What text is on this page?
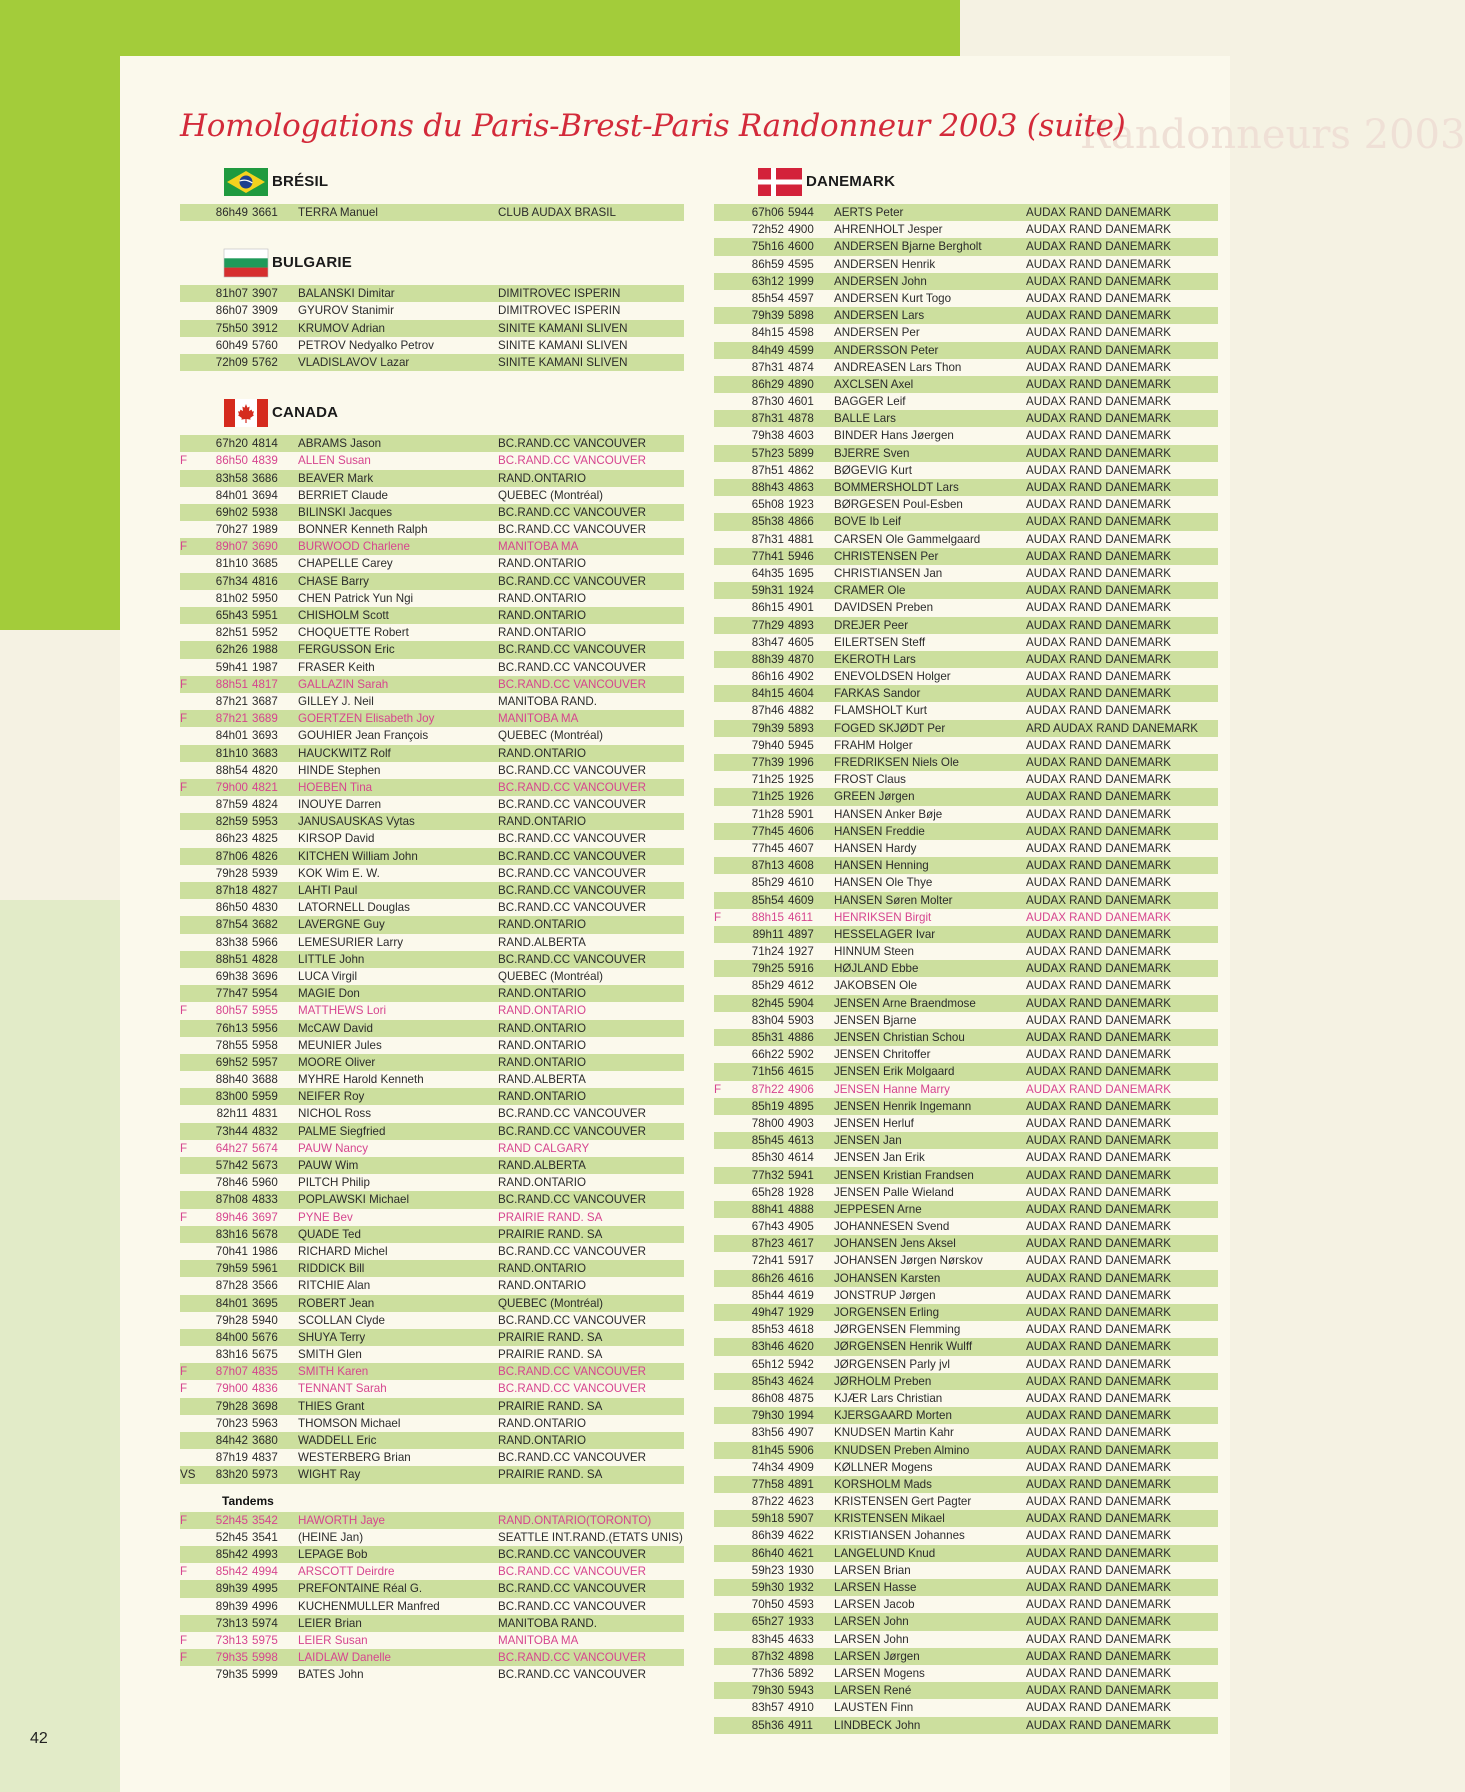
Randonneurs 2003
Homologations du Paris-Brest-Paris Randonneur 2003 (suite)
42
BRÉSIL
86h49 3661 TERRA Manuel	CLUB AUDAX BRASIL
BULGARIE
81h07 3907 BALANSKI Dimitar	DIMITROVEC ISPERIN
86h07 3909 GYUROV Stanimir	DIMITROVEC ISPERIN
75h50 3912 KRUMOV Adrian	SINITE KAMANI SLIVEN
60h49 5760 PETROV Nedyalko Petrov	SINITE KAMANI SLIVEN
72h09 5762 VLADISLAVOV Lazar	SINITE KAMANI SLIVEN
CANADA
67h20 4814 ABRAMS Jason	BC.RAND.CC VANCOUVER
F	86h50 4839 ALLEN Susan	BC.RAND.CC VANCOUVER
83h58 3686 BEAVER Mark	RAND.ONTARIO
84h01 3694 BERRIET Claude	QUEBEC (Montréal)
69h02 5938 BILINSKI Jacques	BC.RAND.CC VANCOUVER
70h27 1989 BONNER Kenneth Ralph	BC.RAND.CC VANCOUVER
F	89h07 3690 BURWOOD Charlene	MANITOBA MA
81h10 3685 CHAPELLE Carey	RAND.ONTARIO
67h34 4816 CHASE Barry	BC.RAND.CC VANCOUVER
81h02 5950 CHEN Patrick Yun Ngi	RAND.ONTARIO
65h43 5951 CHISHOLM Scott	RAND.ONTARIO
82h51 5952 CHOQUETTE Robert	RAND.ONTARIO
62h26 1988 FERGUSSON Eric	BC.RAND.CC VANCOUVER
59h41 1987 FRASER Keith	BC.RAND.CC VANCOUVER
F	88h51 4817 GALLAZIN Sarah	BC.RAND.CC VANCOUVER
87h21 3687 GILLEY J. Neil	MANITOBA RAND.
F	87h21 3689 GOERTZEN Elisabeth Joy	MANITOBA MA
84h01 3693 GOUHIER Jean François	QUEBEC (Montréal)
81h10 3683 HAUCKWITZ Rolf	RAND.ONTARIO
88h54 4820 HINDE Stephen	BC.RAND.CC VANCOUVER
F	79h00 4821 HOEBEN Tina	BC.RAND.CC VANCOUVER
87h59 4824 INOUYE Darren	BC.RAND.CC VANCOUVER
82h59 5953 JANUSAUSKAS Vytas	RAND.ONTARIO
86h23 4825 KIRSOP David	BC.RAND.CC VANCOUVER
87h06 4826 KITCHEN William John	BC.RAND.CC VANCOUVER
79h28 5939 KOK Wim E. W.	BC.RAND.CC VANCOUVER
87h18 4827 LAHTI Paul	BC.RAND.CC VANCOUVER
86h50 4830 LATORNELL Douglas	BC.RAND.CC VANCOUVER
87h54 3682 LAVERGNE Guy	RAND.ONTARIO
83h38 5966 LEMESURIER Larry	RAND.ALBERTA
88h51 4828 LITTLE John	BC.RAND.CC VANCOUVER
69h38 3696 LUCA Virgil	QUEBEC (Montréal)
77h47 5954 MAGIE Don	RAND.ONTARIO
F	80h57 5955 MATTHEWS Lori	RAND.ONTARIO
76h13 5956 McCAW David	RAND.ONTARIO
78h55 5958 MEUNIER Jules	RAND.ONTARIO
69h52 5957 MOORE Oliver	RAND.ONTARIO
88h40 3688 MYHRE Harold Kenneth	RAND.ALBERTA
83h00 5959 NEIFER Roy	RAND.ONTARIO
82h11 4831 NICHOL Ross	BC.RAND.CC VANCOUVER
73h44 4832 PALME Siegfried	BC.RAND.CC VANCOUVER
F	64h27 5674 PAUW Nancy	RAND CALGARY
57h42 5673 PAUW Wim	RAND.ALBERTA
78h46 5960 PILTCH Philip	RAND.ONTARIO
87h08 4833 POPLAWSKI Michael	BC.RAND.CC VANCOUVER
F	89h46 3697 PYNE Bev	PRAIRIE RAND. SA
83h16 5678 QUADE Ted	PRAIRIE RAND. SA
70h41 1986 RICHARD Michel	BC.RAND.CC VANCOUVER
79h59 5961 RIDDICK Bill	RAND.ONTARIO
87h28 3566 RITCHIE Alan	RAND.ONTARIO
84h01 3695 ROBERT Jean	QUEBEC (Montréal)
79h28 5940 SCOLLAN Clyde	BC.RAND.CC VANCOUVER
84h00 5676 SHUYA Terry	PRAIRIE RAND. SA
83h16 5675 SMITH Glen	PRAIRIE RAND. SA
F	87h07 4835 SMITH Karen	BC.RAND.CC VANCOUVER
F	79h00 4836 TENNANT Sarah	BC.RAND.CC VANCOUVER
79h28 3698 THIES Grant	PRAIRIE RAND. SA
70h23 5963 THOMSON Michael	RAND.ONTARIO
84h42 3680 WADDELL Eric	RAND.ONTARIO
87h19 4837 WESTERBERG Brian	BC.RAND.CC VANCOUVER
VS	83h20 5973 WIGHT Ray	PRAIRIE RAND. SA
Tandems
F	52h45 3542 HAWORTH Jaye	RAND.ONTARIO(TORONTO)
52h45 3541 (HEINE Jan)	SEATTLE INT.RAND.(ETATS UNIS)
85h42 4993 LEPAGE Bob	BC.RAND.CC VANCOUVER
F	85h42 4994 ARSCOTT Deirdre	BC.RAND.CC VANCOUVER
89h39 4995 PREFONTAINE Réal G.	BC.RAND.CC VANCOUVER
89h39 4996 KUCHENMULLER Manfred	BC.RAND.CC VANCOUVER
73h13 5974 LEIER Brian	MANITOBA RAND.
F	73h13 5975 LEIER Susan	MANITOBA MA
F	79h35 5998 LAIDLAW Danelle	BC.RAND.CC VANCOUVER
79h35 5999 BATES John	BC.RAND.CC VANCOUVER
DANEMARK
67h06 5944 AERTS Peter	AUDAX RAND DANEMARK
72h52 4900 AHRENHOLT Jesper	AUDAX RAND DANEMARK
75h16 4600 ANDERSEN Bjarne Bergholt	AUDAX RAND DANEMARK
86h59 4595 ANDERSEN Henrik	AUDAX RAND DANEMARK
63h12 1999 ANDERSEN John	AUDAX RAND DANEMARK
85h54 4597 ANDERSEN Kurt Togo	AUDAX RAND DANEMARK
79h39 5898 ANDERSEN Lars	AUDAX RAND DANEMARK
84h15 4598 ANDERSEN Per	AUDAX RAND DANEMARK
84h49 4599 ANDERSSON Peter	AUDAX RAND DANEMARK
87h31 4874 ANDREASEN Lars Thon	AUDAX RAND DANEMARK
86h29 4890 AXCLSEN Axel	AUDAX RAND DANEMARK
87h30 4601 BAGGER Leif	AUDAX RAND DANEMARK
87h31 4878 BALLE Lars	AUDAX RAND DANEMARK
79h38 4603 BINDER Hans Jøergen	AUDAX RAND DANEMARK
57h23 5899 BJERRE Sven	AUDAX RAND DANEMARK
87h51 4862 BØGEVIG Kurt	AUDAX RAND DANEMARK
88h43 4863 BOMMERSHOLDT Lars	AUDAX RAND DANEMARK
65h08 1923 BØRGESEN Poul-Esben	AUDAX RAND DANEMARK
85h38 4866 BOVE Ib Leif	AUDAX RAND DANEMARK
87h31 4881 CARSEN Ole Gammelgaard	AUDAX RAND DANEMARK
77h41 5946 CHRISTENSEN Per	AUDAX RAND DANEMARK
64h35 1695 CHRISTIANSEN Jan	AUDAX RAND DANEMARK
59h31 1924 CRAMER Ole	AUDAX RAND DANEMARK
86h15 4901 DAVIDSEN Preben	AUDAX RAND DANEMARK
77h29 4893 DREJER Peer	AUDAX RAND DANEMARK
83h47 4605 EILERTSEN Steff	AUDAX RAND DANEMARK
88h39 4870 EKEROTH Lars	AUDAX RAND DANEMARK
86h16 4902 ENEVOLDSEN Holger	AUDAX RAND DANEMARK
84h15 4604 FARKAS Sandor	AUDAX RAND DANEMARK
87h46 4882 FLAMSHOLT Kurt	AUDAX RAND DANEMARK
79h39 5893 FOGED SKJØDT Per	ARD AUDAX RAND DANEMARK
79h40 5945 FRAHM Holger	AUDAX RAND DANEMARK
77h39 1996 FREDRIKSEN Niels Ole	AUDAX RAND DANEMARK
71h25 1925 FROST Claus	AUDAX RAND DANEMARK
71h25 1926 GREEN Jørgen	AUDAX RAND DANEMARK
71h28 5901 HANSEN Anker Bøje	AUDAX RAND DANEMARK
77h45 4606 HANSEN Freddie	AUDAX RAND DANEMARK
77h45 4607 HANSEN Hardy	AUDAX RAND DANEMARK
87h13 4608 HANSEN Henning	AUDAX RAND DANEMARK
85h29 4610 HANSEN Ole Thye	AUDAX RAND DANEMARK
85h54 4609 HANSEN Søren Molter	AUDAX RAND DANEMARK
F	88h15 4611 HENRIKSEN Birgit	AUDAX RAND DANEMARK
89h11 4897 HESSELAGER Ivar	AUDAX RAND DANEMARK
71h24 1927 HINNUM Steen	AUDAX RAND DANEMARK
79h25 5916 HØJLAND Ebbe	AUDAX RAND DANEMARK
85h29 4612 JAKOBSEN Ole	AUDAX RAND DANEMARK
82h45 5904 JENSEN Arne Braendmose	AUDAX RAND DANEMARK
83h04 5903 JENSEN Bjarne	AUDAX RAND DANEMARK
85h31 4886 JENSEN Christian Schou	AUDAX RAND DANEMARK
66h22 5902 JENSEN Chritoffer	AUDAX RAND DANEMARK
71h56 4615 JENSEN Erik Molgaard	AUDAX RAND DANEMARK
F	87h22 4906 JENSEN Hanne Marry	AUDAX RAND DANEMARK
85h19 4895 JENSEN Henrik Ingemann	AUDAX RAND DANEMARK
78h00 4903 JENSEN Herluf	AUDAX RAND DANEMARK
85h45 4613 JENSEN Jan	AUDAX RAND DANEMARK
85h30 4614 JENSEN Jan Erik	AUDAX RAND DANEMARK
77h32 5941 JENSEN Kristian Frandsen	AUDAX RAND DANEMARK
65h28 1928 JENSEN Palle Wieland	AUDAX RAND DANEMARK
88h41 4888 JEPPESEN Arne	AUDAX RAND DANEMARK
67h43 4905 JOHANNESEN Svend	AUDAX RAND DANEMARK
87h23 4617 JOHANSEN Jens Aksel	AUDAX RAND DANEMARK
72h41 5917 JOHANSEN Jørgen Nørskov	AUDAX RAND DANEMARK
86h26 4616 JOHANSEN Karsten	AUDAX RAND DANEMARK
85h44 4619 JONSTRUP Jørgen	AUDAX RAND DANEMARK
49h47 1929 JORGENSEN Erling	AUDAX RAND DANEMARK
85h53 4618 JØRGENSEN Flemming	AUDAX RAND DANEMARK
83h46 4620 JØRGENSEN Henrik Wulff	AUDAX RAND DANEMARK
65h12 5942 JØRGENSEN Parly jvl	AUDAX RAND DANEMARK
85h43 4624 JØRHOLM Preben	AUDAX RAND DANEMARK
86h08 4875 KJÆR Lars Christian	AUDAX RAND DANEMARK
79h30 1994 KJERSGAARD Morten	AUDAX RAND DANEMARK
83h56 4907 KNUDSEN Martin Kahr	AUDAX RAND DANEMARK
81h45 5906 KNUDSEN Preben Almino	AUDAX RAND DANEMARK
74h34 4909 KØLLNER Mogens	AUDAX RAND DANEMARK
77h58 4891 KORSHOLM Mads	AUDAX RAND DANEMARK
87h22 4623 KRISTENSEN Gert Pagter	AUDAX RAND DANEMARK
59h18 5907 KRISTENSEN Mikael	AUDAX RAND DANEMARK
86h39 4622 KRISTIANSEN Johannes	AUDAX RAND DANEMARK
86h40 4621 LANGELUND Knud	AUDAX RAND DANEMARK
59h23 1930 LARSEN Brian	AUDAX RAND DANEMARK
59h30 1932 LARSEN Hasse	AUDAX RAND DANEMARK
70h50 4593 LARSEN Jacob	AUDAX RAND DANEMARK
65h27 1933 LARSEN John	AUDAX RAND DANEMARK
83h45 4633 LARSEN John	AUDAX RAND DANEMARK
87h32 4898 LARSEN Jørgen	AUDAX RAND DANEMARK
77h36 5892 LARSEN Mogens	AUDAX RAND DANEMARK
79h30 5943 LARSEN René	AUDAX RAND DANEMARK
83h57 4910 LAUSTEN Finn	AUDAX RAND DANEMARK
85h36 4911 LINDBECK John	AUDAX RAND DANEMARK
